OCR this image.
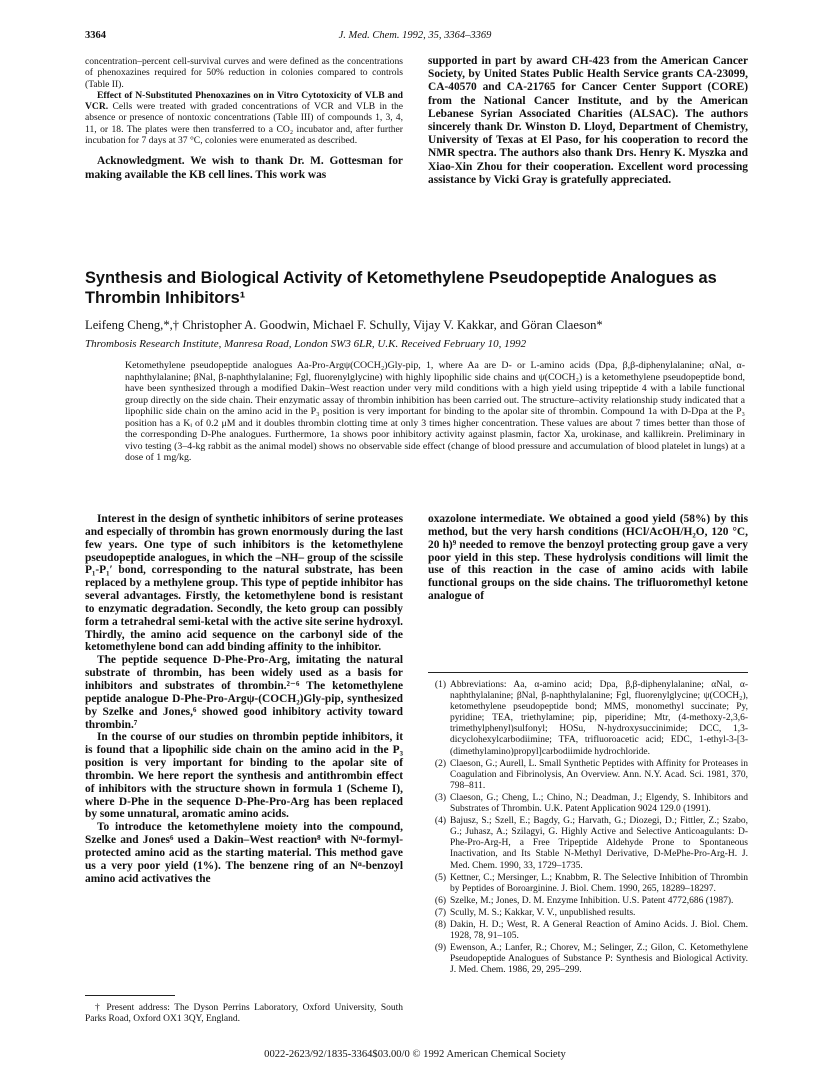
3364	J. Med. Chem. 1992, 35, 3364–3369

concentration–percent cell-survival curves and were defined as the concentrations of phenoxazines required for 50% reduction in colonies compared to controls (Table II).

Effect of N-Substituted Phenoxazines on in Vitro Cytotoxicity of VLB and VCR. Cells were treated with graded concentrations of VCR and VLB in the absence or presence of nontoxic concentrations (Table III) of compounds 1, 3, 4, 11, or 18. The plates were then transferred to a CO₂ incubator and, after further incubation for 7 days at 37 °C, colonies were enumerated as described.

Acknowledgment. We wish to thank Dr. M. Gottesman for making available the KB cell lines. This work was

supported in part by award CH-423 from the American Cancer Society, by United States Public Health Service grants CA-23099, CA-40570 and CA-21765 for Cancer Center Support (CORE) from the National Cancer Institute, and by the American Lebanese Syrian Associated Charities (ALSAC). The authors sincerely thank Dr. Winston D. Lloyd, Department of Chemistry, University of Texas at El Paso, for his cooperation to record the NMR spectra. The authors also thank Drs. Henry K. Myszka and Xiao-Xin Zhou for their cooperation. Excellent word processing assistance by Vicki Gray is gratefully appreciated.

Synthesis and Biological Activity of Ketomethylene Pseudopeptide Analogues as Thrombin Inhibitors¹
Leifeng Cheng,*,† Christopher A. Goodwin, Michael F. Schully, Vijay V. Kakkar, and Göran Claeson*
Thrombosis Research Institute, Manresa Road, London SW3 6LR, U.K. Received February 10, 1992
Ketomethylene pseudopeptide analogues Aa-Pro-Argψ(COCH₂)Gly-pip, 1, where Aa are D- or L-amino acids (Dpa, β,β-diphenylalanine; αNal, α-naphthylalanine; βNal, β-naphthylalanine; Fgl, fluorenylglycine) with highly lipophilic side chains and ψ(COCH₂) is a ketomethylene pseudopeptide bond, have been synthesized through a modified Dakin–West reaction under very mild conditions with a high yield using tripeptide 4 with a labile functional group directly on the side chain. Their enzymatic assay of thrombin inhibition has been carried out. The structure–activity relationship study indicated that a lipophilic side chain on the amino acid in the P₃ position is very important for binding to the apolar site of thrombin. Compound 1a with D-Dpa at the P₃ position has a Kᵢ of 0.2 μM and it doubles thrombin clotting time at only 3 times higher concentration. These values are about 7 times better than those of the corresponding D-Phe analogues. Furthermore, 1a shows poor inhibitory activity against plasmin, factor Xa, urokinase, and kallikrein. Preliminary in vivo testing (3–4-kg rabbit as the animal model) shows no observable side effect (change of blood pressure and accumulation of blood platelet in lungs) at a dose of 1 mg/kg.

Interest in the design of synthetic inhibitors of serine proteases and especially of thrombin has grown enormously during the last few years. One type of such inhibitors is the ketomethylene pseudopeptide analogues, in which the –NH– group of the scissile P₁-P₁′ bond, corresponding to the natural substrate, has been replaced by a methylene group. This type of peptide inhibitor has several advantages. Firstly, the ketomethylene bond is resistant to enzymatic degradation. Secondly, the keto group can possibly form a tetrahedral semi-ketal with the active site serine hydroxyl. Thirdly, the amino acid sequence on the carbonyl side of the ketomethylene bond can add binding affinity to the inhibitor.

The peptide sequence D-Phe-Pro-Arg, imitating the natural substrate of thrombin, has been widely used as a basis for inhibitors and substrates of thrombin.²⁻⁶ The ketomethylene peptide analogue D-Phe-Pro-Argψ-(COCH₂)Gly-pip, synthesized by Szelke and Jones,⁶ showed good inhibitory activity toward thrombin.⁷

In the course of our studies on thrombin peptide inhibitors, it is found that a lipophilic side chain on the amino acid in the P₃ position is very important for binding to the apolar site of thrombin. We here report the synthesis and antithrombin effect of inhibitors with the structure shown in formula 1 (Scheme I), where D-Phe in the sequence D-Phe-Pro-Arg has been replaced by some unnatural, aromatic amino acids.

To introduce the ketomethylene moiety into the compound, Szelke and Jones⁶ used a Dakin–West reaction⁸ with Nᵅ-formyl-protected amino acid as the starting material. This method gave us a very poor yield (1%). The benzene ring of an Nᵅ-benzoyl amino acid activatives the

oxazolone intermediate. We obtained a good yield (58%) by this method, but the very harsh conditions (HCl/AcOH/H₂O, 120 °C, 20 h)⁹ needed to remove the benzoyl protecting group gave a very poor yield in this step. These hydrolysis conditions will limit the use of this reaction in the case of amino acids with labile functional groups on the side chains. The trifluoromethyl ketone analogue of

(1) Abbreviations: Aa, α-amino acid; Dpa, β,β-diphenylalanine; αNal, α-naphthylalanine; βNal, β-naphthylalanine; Fgl, fluorenylglycine; ψ(COCH₂), ketomethylene pseudopeptide bond; MMS, monomethyl succinate; Py, pyridine; TEA, triethylamine; pip, piperidine; Mtr, (4-methoxy-2,3,6-trimethylphenyl)sulfonyl; HOSu, N-hydroxysuccinimide; DCC, 1,3-dicyclohexylcarbodiimine; TFA, trifluoroacetic acid; EDC, 1-ethyl-3-[3-(dimethylamino)propyl]carbodiimide hydrochloride.
(2) Claeson, G.; Aurell, L. Small Synthetic Peptides with Affinity for Proteases in Coagulation and Fibrinolysis, An Overview. Ann. N.Y. Acad. Sci. 1981, 370, 798–811.
(3) Claeson, G.; Cheng, L.; Chino, N.; Deadman, J.; Elgendy, S. Inhibitors and Substrates of Thrombin. U.K. Patent Application 9024 129.0 (1991).
(4) Bajusz, S.; Szell, E.; Bagdy, G.; Harvath, G.; Diozegi, D.; Fittler, Z.; Szabo, G.; Juhasz, A.; Szilagyi, G. Highly Active and Selective Anticoagulants: D-Phe-Pro-Arg-H, a Free Tripeptide Aldehyde Prone to Spontaneous Inactivation, and Its Stable N-Methyl Derivative, D-MePhe-Pro-Arg-H. J. Med. Chem. 1990, 33, 1729–1735.
(5) Kettner, C.; Mersinger, L.; Knabbm, R. The Selective Inhibition of Thrombin by Peptides of Boroarginine. J. Biol. Chem. 1990, 265, 18289–18297.
(6) Szelke, M.; Jones, D. M. Enzyme Inhibition. U.S. Patent 4772,686 (1987).
(7) Scully, M. S.; Kakkar, V. V., unpublished results.
(8) Dakin, H. D.; West, R. A General Reaction of Amino Acids. J. Biol. Chem. 1928, 78, 91–105.
(9) Ewenson, A.; Lanfer, R.; Chorev, M.; Selinger, Z.; Gilon, C. Ketomethylene Pseudopeptide Analogues of Substance P: Synthesis and Biological Activity. J. Med. Chem. 1986, 29, 295–299.
† Present address: The Dyson Perrins Laboratory, Oxford University, South Parks Road, Oxford OX1 3QY, England.
0022-2623/92/1835-3364$03.00/0 © 1992 American Chemical Society
